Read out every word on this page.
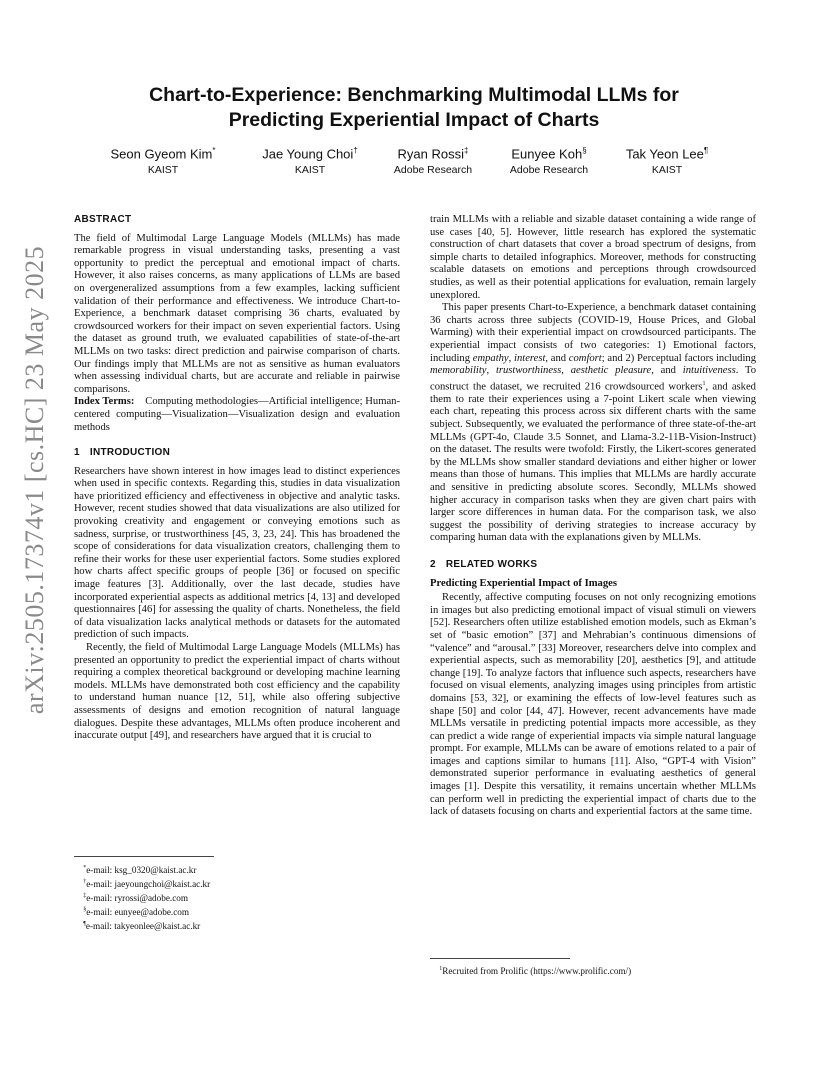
arXiv:2505.17374v1 [cs.HC] 23 May 2025
Chart-to-Experience: Benchmarking Multimodal LLMs for
Predicting Experiential Impact of Charts
Seon Gyeom Kim*
KAIST
Jae Young Choi†
KAIST
Ryan Rossi‡
Adobe Research
Eunyee Koh§
Adobe Research
Tak Yeon Lee¶
KAIST
ABSTRACT

The field of Multimodal Large Language Models (MLLMs) has made remarkable progress in visual understanding tasks, presenting a vast opportunity to predict the perceptual and emotional impact of charts. However, it also raises concerns, as many applications of LLMs are based on overgeneralized assumptions from a few examples, lacking sufficient validation of their performance and effectiveness. We introduce Chart-to-Experience, a benchmark dataset comprising 36 charts, evaluated by crowdsourced workers for their impact on seven experiential factors. Using the dataset as ground truth, we evaluated capabilities of state-of-the-art MLLMs on two tasks: direct prediction and pairwise comparison of charts. Our findings imply that MLLMs are not as sensitive as human evaluators when assessing individual charts, but are accurate and reliable in pairwise comparisons.

Index Terms: Computing methodologies—Artificial intelligence; Human-centered computing—Visualization—Visualization design and evaluation methods

1 INTRODUCTION

Researchers have shown interest in how images lead to distinct experiences when used in specific contexts. Regarding this, studies in data visualization have prioritized efficiency and effectiveness in objective and analytic tasks. However, recent studies showed that data visualizations are also utilized for provoking creativity and engagement or conveying emotions such as sadness, surprise, or trustworthiness [45, 3, 23, 24]. This has broadened the scope of considerations for data visualization creators, challenging them to refine their works for these user experiential factors. Some studies explored how charts affect specific groups of people [36] or focused on specific image features [3]. Additionally, over the last decade, studies have incorporated experiential aspects as additional metrics [4, 13] and developed questionnaires [46] for assessing the quality of charts. Nonetheless, the field of data visualization lacks analytical methods or datasets for the automated prediction of such impacts.

Recently, the field of Multimodal Large Language Models (MLLMs) has presented an opportunity to predict the experiential impact of charts without requiring a complex theoretical background or developing machine learning models. MLLMs have demonstrated both cost efficiency and the capability to understand human nuance [12, 51], while also offering subjective assessments of designs and emotion recognition of natural language dialogues. Despite these advantages, MLLMs often produce incoherent and inaccurate output [49], and researchers have argued that it is crucial to

*e-mail: ksg_0320@kaist.ac.kr
†e-mail: jaeyoungchoi@kaist.ac.kr
‡e-mail: ryrossi@adobe.com
§e-mail: eunyee@adobe.com
¶e-mail: takyeonlee@kaist.ac.kr

train MLLMs with a reliable and sizable dataset containing a wide range of use cases [40, 5]. However, little research has explored the systematic construction of chart datasets that cover a broad spectrum of designs, from simple charts to detailed infographics. Moreover, methods for constructing scalable datasets on emotions and perceptions through crowdsourced studies, as well as their potential applications for evaluation, remain largely unexplored.

This paper presents Chart-to-Experience, a benchmark dataset containing 36 charts across three subjects (COVID-19, House Prices, and Global Warming) with their experiential impact on crowdsourced participants. The experiential impact consists of two categories: 1) Emotional factors, including empathy, interest, and comfort; and 2) Perceptual factors including memorability, trustworthiness, aesthetic pleasure, and intuitiveness. To construct the dataset, we recruited 216 crowdsourced workers$^1$, and asked them to rate their experiences using a 7-point Likert scale when viewing each chart, repeating this process across six different charts with the same subject. Subsequently, we evaluated the performance of three state-of-the-art MLLMs (GPT-4o, Claude 3.5 Sonnet, and Llama-3.2-11B-Vision-Instruct) on the dataset. The results were twofold: Firstly, the Likert-scores generated by the MLLMs show smaller standard deviations and either higher or lower means than those of humans. This implies that MLLMs are hardly accurate and sensitive in predicting absolute scores. Secondly, MLLMs showed higher accuracy in comparison tasks when they are given chart pairs with larger score differences in human data. For the comparison task, we also suggest the possibility of deriving strategies to increase accuracy by comparing human data with the explanations given by MLLMs.

2 RELATED WORKS
Predicting Experiential Impact of Images

Recently, affective computing focuses on not only recognizing emotions in images but also predicting emotional impact of visual stimuli on viewers [52]. Researchers often utilize established emotion models, such as Ekman’s set of “basic emotion” [37] and Mehrabian’s continuous dimensions of “valence” and “arousal.” [33] Moreover, researchers delve into complex and experiential aspects, such as memorability [20], aesthetics [9], and attitude change [19]. To analyze factors that influence such aspects, researchers have focused on visual elements, analyzing images using principles from artistic domains [53, 32], or examining the effects of low-level features such as shape [50] and color [44, 47]. However, recent advancements have made MLLMs versatile in predicting potential impacts more accessible, as they can predict a wide range of experiential impacts via simple natural language prompt. For example, MLLMs can be aware of emotions related to a pair of images and captions similar to humans [11]. Also, “GPT-4 with Vision” demonstrated superior performance in evaluating aesthetics of general images [1]. Despite this versatility, it remains uncertain whether MLLMs can perform well in predicting the experiential impact of charts due to the lack of datasets focusing on charts and experiential factors at the same time.

$^1$Recruited from Prolific (https://www.prolific.com/)
